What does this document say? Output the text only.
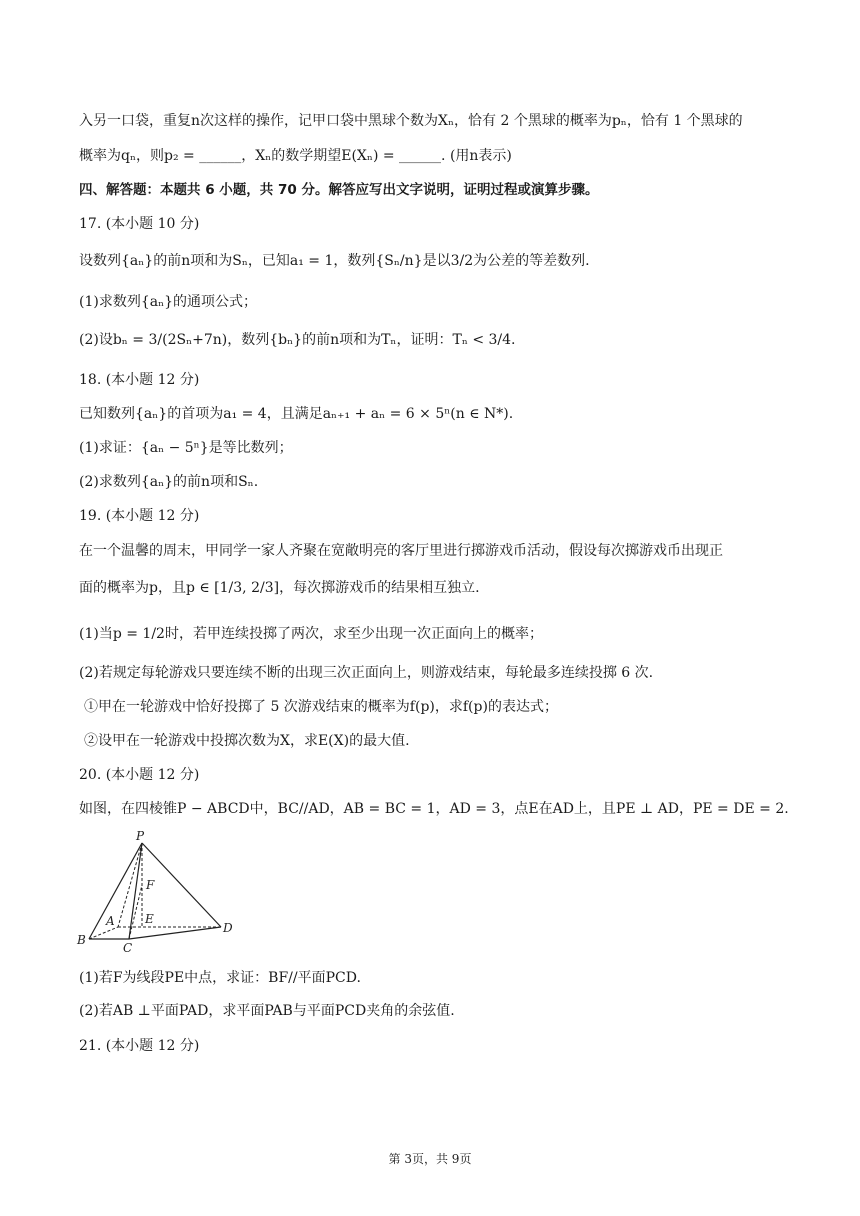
入另一口袋，重复n次这样的操作，记甲口袋中黑球个数为Xₙ，恰有 2 个黑球的概率为pₙ，恰有 1 个黑球的
概率为qₙ，则p₂ = ______，Xₙ的数学期望E(Xₙ) = ______. (用n表示)
四、解答题：本题共 6 小题，共 70 分。解答应写出文字说明，证明过程或演算步骤。
17. (本小题 10 分)
设数列{aₙ}的前n项和为Sₙ，已知a₁ = 1，数列{Sₙ/n}是以3/2为公差的等差数列.
(1)求数列{aₙ}的通项公式；
(2)设bₙ = 3/(2Sₙ+7n)，数列{bₙ}的前n项和为Tₙ，证明：Tₙ < 3/4.
18. (本小题 12 分)
已知数列{aₙ}的首项为a₁ = 4，且满足aₙ₊₁ + aₙ = 6 × 5ⁿ(n ∈ N*).
(1)求证：{aₙ − 5ⁿ}是等比数列；
(2)求数列{aₙ}的前n项和Sₙ.
19. (本小题 12 分)
在一个温馨的周末，甲同学一家人齐聚在宽敞明亮的客厅里进行掷游戏币活动，假设每次掷游戏币出现正
面的概率为p，且p ∈ [1/3, 2/3]，每次掷游戏币的结果相互独立.
(1)当p = 1/2时，若甲连续投掷了两次，求至少出现一次正面向上的概率；
(2)若规定每轮游戏只要连续不断的出现三次正面向上，则游戏结束，每轮最多连续投掷 6 次.
①甲在一轮游戏中恰好投掷了 5 次游戏结束的概率为f(p)，求f(p)的表达式；
②设甲在一轮游戏中投掷次数为X，求E(X)的最大值.
20. (本小题 12 分)
如图，在四棱锥P − ABCD中，BC//AD，AB = BC = 1，AD = 3，点E在AD上，且PE ⊥ AD，PE = DE = 2.
P
F
A	E
B
C
D
(1)若F为线段PE中点，求证：BF//平面PCD.
(2)若AB ⊥平面PAD，求平面PAB与平面PCD夹角的余弦值.
21. (本小题 12 分)
第 3页，共 9页
